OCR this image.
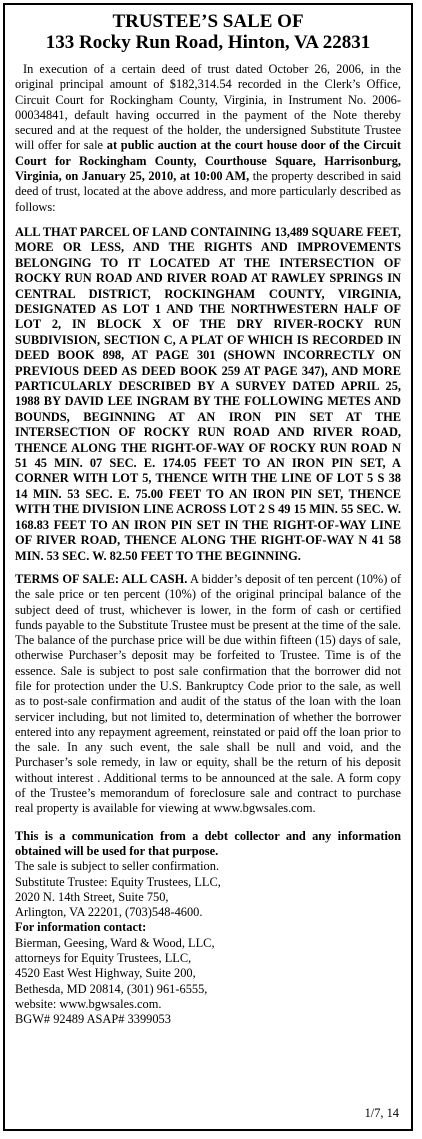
TRUSTEE’S SALE OF
133 Rocky Run Road, Hinton, VA 22831

In execution of a certain deed of trust dated October 26, 2006, in the original principal amount of $182,314.54 recorded in the Clerk’s Office, Circuit Court for Rockingham County, Virginia, in Instrument No. 2006-00034841, default having occurred in the payment of the Note thereby secured and at the request of the holder, the undersigned Substitute Trustee will offer for sale at public auction at the court house door of the Circuit Court for Rockingham County, Courthouse Square, Harrisonburg, Virginia, on January 25, 2010, at 10:00 AM, the property described in said deed of trust, located at the above address, and more particularly described as follows:

ALL THAT PARCEL OF LAND CONTAINING 13,489 SQUARE FEET, MORE OR LESS, AND THE RIGHTS AND IMPROVEMENTS BELONGING TO IT LOCATED AT THE INTERSECTION OF ROCKY RUN ROAD AND RIVER ROAD AT RAWLEY SPRINGS IN CENTRAL DISTRICT, ROCKINGHAM COUNTY, VIRGINIA, DESIGNATED AS LOT 1 AND THE NORTHWESTERN HALF OF LOT 2, IN BLOCK X OF THE DRY RIVER-ROCKY RUN SUBDIVISION, SECTION C, A PLAT OF WHICH IS RECORDED IN DEED BOOK 898, AT PAGE 301 (SHOWN INCORRECTLY ON PREVIOUS DEED AS DEED BOOK 259 AT PAGE 347), AND MORE PARTICULARLY DESCRIBED BY A SURVEY DATED APRIL 25, 1988 BY DAVID LEE INGRAM BY THE FOLLOWING METES AND BOUNDS, BEGINNING AT AN IRON PIN SET AT THE INTERSECTION OF ROCKY RUN ROAD AND RIVER ROAD, THENCE ALONG THE RIGHT-OF-WAY OF ROCKY RUN ROAD N 51 45 MIN. 07 SEC. E. 174.05 FEET TO AN IRON PIN SET, A CORNER WITH LOT 5, THENCE WITH THE LINE OF LOT 5 S 38 14 MIN. 53 SEC. E. 75.00 FEET TO AN IRON PIN SET, THENCE WITH THE DIVISION LINE ACROSS LOT 2 S 49 15 MIN. 55 SEC. W. 168.83 FEET TO AN IRON PIN SET IN THE RIGHT-OF-WAY LINE OF RIVER ROAD, THENCE ALONG THE RIGHT-OF-WAY N 41 58 MIN. 53 SEC. W. 82.50 FEET TO THE BEGINNING.

TERMS OF SALE: ALL CASH. A bidder’s deposit of ten percent (10%) of the sale price or ten percent (10%) of the original principal balance of the subject deed of trust, whichever is lower, in the form of cash or certified funds payable to the Substitute Trustee must be present at the time of the sale. The balance of the purchase price will be due within fifteen (15) days of sale, otherwise Purchaser’s deposit may be forfeited to Trustee. Time is of the essence. Sale is subject to post sale confirmation that the borrower did not file for protection under the U.S. Bankruptcy Code prior to the sale, as well as to post-sale confirmation and audit of the status of the loan with the loan servicer including, but not limited to, determination of whether the borrower entered into any repayment agreement, reinstated or paid off the loan prior to the sale. In any such event, the sale shall be null and void, and the Purchaser’s sole remedy, in law or equity, shall be the return of his deposit without interest . Additional terms to be announced at the sale. A form copy of the Trustee’s memorandum of foreclosure sale and contract to purchase real property is available for viewing at www.bgwsales.com.

This is a communication from a debt collector and any information obtained will be used for that purpose.

The sale is subject to seller confirmation.

Substitute Trustee: Equity Trustees, LLC,

2020 N. 14th Street, Suite 750,

Arlington, VA 22201, (703)548-4600.

For information contact:

Bierman, Geesing, Ward & Wood, LLC,

attorneys for Equity Trustees, LLC,

4520 East West Highway, Suite 200,

Bethesda, MD 20814, (301) 961-6555,

website: www.bgwsales.com.

BGW# 92489 ASAP# 3399053

1/7, 14
